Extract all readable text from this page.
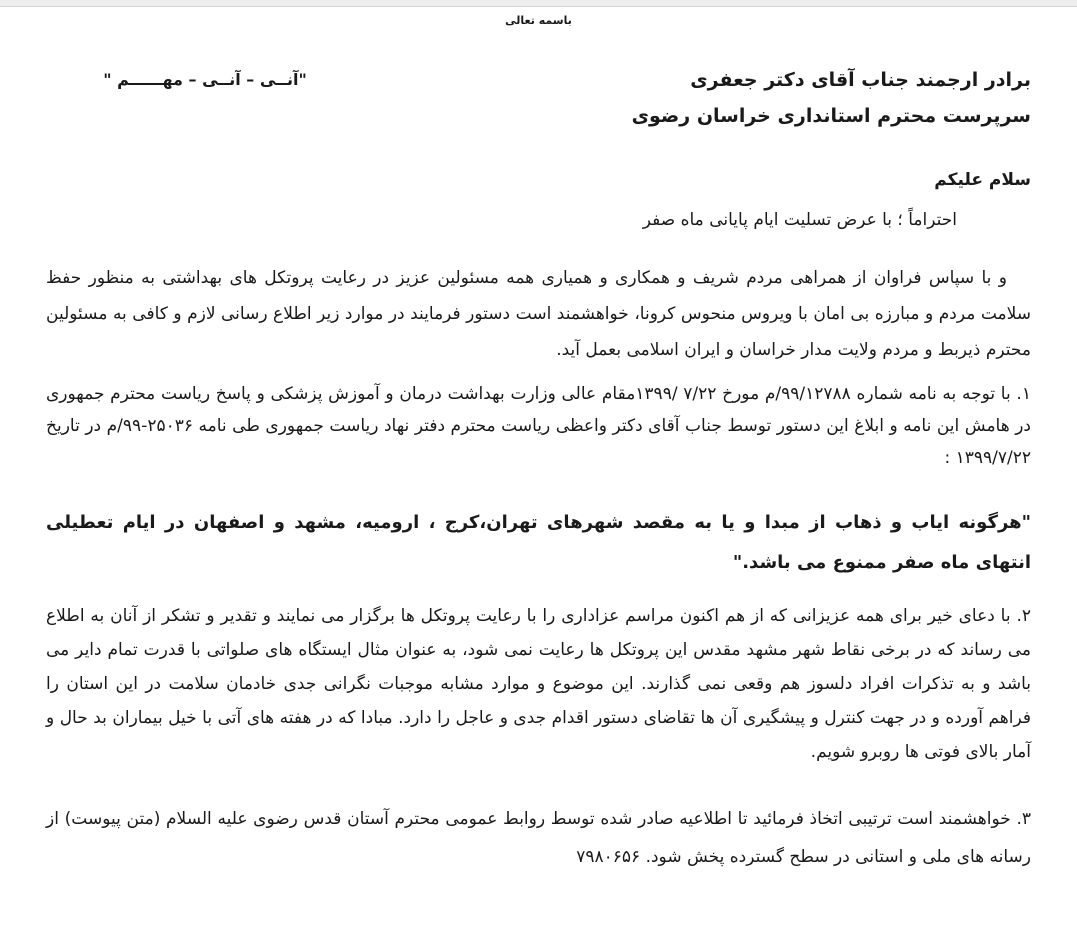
باسمه تعالی
برادر ارجمند جناب آقای دکتر جعفری
سرپرست محترم استانداری خراسان رضوی
"آنــی – آنــی – مهــــــم "
سلام علیکم
احتراماً ؛ با عرض تسلیت ایام پایانی ماه صفر
و با سپاس فراوان از همراهی مردم شریف و همکاری و همیاری همه مسئولین عزیز در رعایت پروتکل های بهداشتی به منظور حفظ سلامت مردم و مبارزه بی امان با ویروس منحوس کرونا، خواهشمند است دستور فرمایند در موارد زیر اطلاع رسانی لازم و کافی به مسئولین محترم ذیربط و مردم ولایت مدار خراسان و ایران اسلامی بعمل آید.
۱. با توجه به نامه شماره ۹۹/۱۲۷۸۸/م مورخ ۷/۲۲ /۱۳۹۹مقام عالی وزارت بهداشت درمان و آموزش پزشکی و پاسخ ریاست محترم جمهوری در هامش این نامه و ابلاغ این دستور توسط جناب آقای دکتر واعظی ریاست محترم دفتر نهاد ریاست جمهوری طی نامه ۲۵۰۳۶-۹۹/م در تاریخ ۱۳۹۹/۷/۲۲ :
"هرگونه ایاب و ذهاب از مبدا و یا به مقصد شهرهای تهران،کرج ، ارومیه، مشهد و اصفهان در ایام تعطیلی انتهای ماه صفر ممنوع می باشد."
۲. با دعای خیر برای همه عزیزانی که از هم اکنون مراسم عزاداری را با رعایت پروتکل ها برگزار می نمایند و تقدیر و تشکر از آنان به اطلاع می رساند که در برخی نقاط شهر مشهد مقدس این پروتکل ها رعایت نمی شود، به عنوان مثال ایستگاه های صلواتی با قدرت تمام دایر می باشد و به تذکرات افراد دلسوز هم وقعی نمی گذارند. این موضوع و موارد مشابه موجبات نگرانی جدی خادمان سلامت در این استان را فراهم آورده و در جهت کنترل و پیشگیری آن ها تقاضای دستور اقدام جدی و عاجل را دارد. مبادا که در هفته های آتی با خیل بیماران بد حال و آمار بالای فوتی ها روبرو شویم.
۳. خواهشمند است ترتیبی اتخاذ فرمائید تا اطلاعیه صادر شده توسط روابط عمومی محترم آستان قدس رضوی علیه السلام (متن پیوست) از رسانه های ملی و استانی در سطح گسترده پخش شود. ۷۹۸۰۶۵۶
